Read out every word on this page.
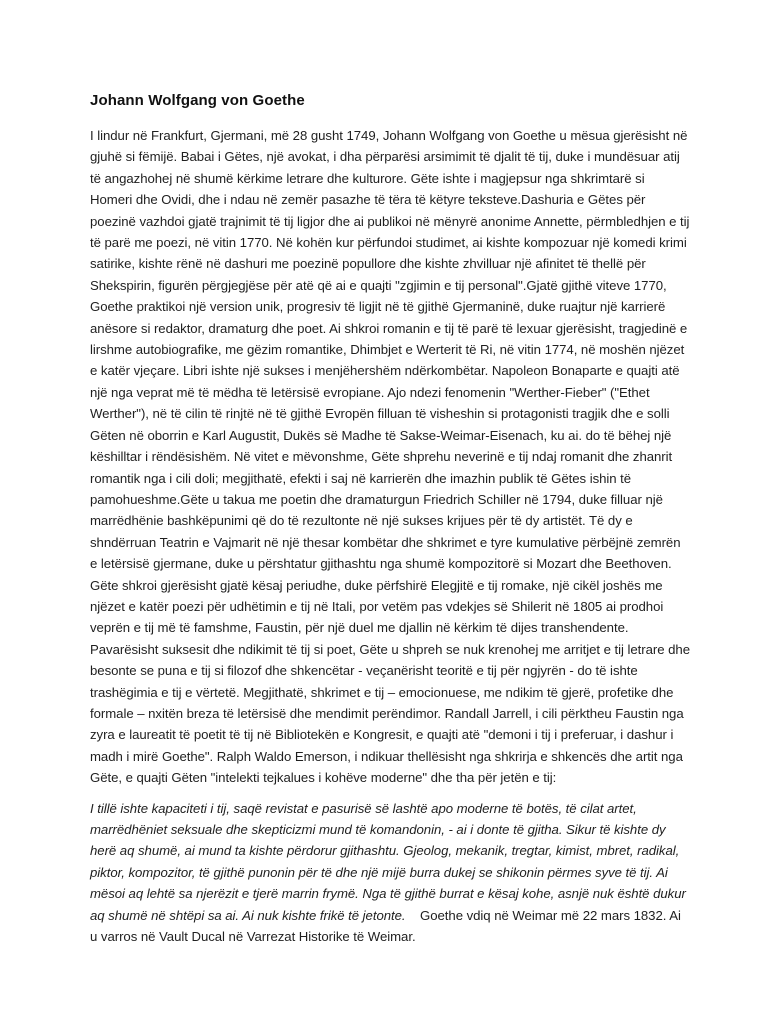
Johann Wolfgang von Goethe

I lindur në Frankfurt, Gjermani, më 28 gusht 1749, Johann Wolfgang von Goethe u mësua gjerësisht në gjuhë si fëmijë. Babai i Gëtes, një avokat, i dha përparësi arsimimit të djalit të tij, duke i mundësuar atij të angazhohej në shumë kërkime letrare dhe kulturore. Gëte ishte i magjepsur nga shkrimtarë si Homeri dhe Ovidi, dhe i ndau në zemër pasazhe të tëra të këtyre teksteve.Dashuria e Gëtes për poezinë vazhdoi gjatë trajnimit të tij ligjor dhe ai publikoi në mënyrë anonime Annette, përmbledhjen e tij të parë me poezi, në vitin 1770. Në kohën kur përfundoi studimet, ai kishte kompozuar një komedi krimi satirike, kishte rënë në dashuri me poezinë popullore dhe kishte zhvilluar një afinitet të thellë për Shekspirin, figurën përgjegjëse për atë që ai e quajti "zgjimin e tij personal".Gjatë gjithë viteve 1770, Goethe praktikoi një version unik, progresiv të ligjit në të gjithë Gjermaninë, duke ruajtur një karrierë anësore si redaktor, dramaturg dhe poet. Ai shkroi romanin e tij të parë të lexuar gjerësisht, tragjedinë e lirshme autobiografike, me gëzim romantike, Dhimbjet e Werterit të Ri, në vitin 1774, në moshën njëzet e katër vjeçare. Libri ishte një sukses i menjëhershëm ndërkombëtar. Napoleon Bonaparte e quajti atë një nga veprat më të mëdha të letërsisë evropiane. Ajo ndezi fenomenin "Werther-Fieber" ("Ethet Werther"), në të cilin të rinjtë në të gjithë Evropën filluan të visheshin si protagonisti tragjik dhe e solli Gëten në oborrin e Karl Augustit, Dukës së Madhe të Sakse-Weimar-Eisenach, ku ai. do të bëhej një këshilltar i rëndësishëm. Në vitet e mëvonshme, Gëte shprehu neverinë e tij ndaj romanit dhe zhanrit romantik nga i cili doli; megjithatë, efekti i saj në karrierën dhe imazhin publik të Gëtes ishin të pamohueshme.Gëte u takua me poetin dhe dramaturgun Friedrich Schiller në 1794, duke filluar një marrëdhënie bashkëpunimi që do të rezultonte në një sukses krijues për të dy artistët. Të dy e shndërruan Teatrin e Vajmarit në një thesar kombëtar dhe shkrimet e tyre kumulative përbëjnë zemrën e letërsisë gjermane, duke u përshtatur gjithashtu nga shumë kompozitorë si Mozart dhe Beethoven. Gëte shkroi gjerësisht gjatë kësaj periudhe, duke përfshirë Elegjitë e tij romake, një cikël joshës me njëzet e katër poezi për udhëtimin e tij në Itali, por vetëm pas vdekjes së Shilerit në 1805 ai prodhoi veprën e tij më të famshme, Faustin, për një duel me djallin në kërkim të dijes transhendente. Pavarësisht suksesit dhe ndikimit të tij si poet, Gëte u shpreh se nuk krenohej me arritjet e tij letrare dhe besonte se puna e tij si filozof dhe shkencëtar - veçanërisht teoritë e tij për ngjyrën - do të ishte trashëgimia e tij e vërtetë. Megjithatë, shkrimet e tij – emocionuese, me ndikim të gjerë, profetike dhe formale – nxitën breza të letërsisë dhe mendimit perëndimor. Randall Jarrell, i cili përktheu Faustin nga zyra e laureatit të poetit të tij në Bibliotekën e Kongresit, e quajti atë "demoni i tij i preferuar, i dashur i madh i mirë Goethe". Ralph Waldo Emerson, i ndikuar thellësisht nga shkrirja e shkencës dhe artit nga Gëte, e quajti Gëten "intelekti tejkalues i kohëve moderne" dhe tha për jetën e tij:

I tillë ishte kapaciteti i tij, saqë revistat e pasurisë së lashtë apo moderne të botës, të cilat artet, marrëdhëniet seksuale dhe skepticizmi mund të komandonin, - ai i donte të gjitha. Sikur të kishte dy herë aq shumë, ai mund ta kishte përdorur gjithashtu. Gjeolog, mekanik, tregtar, kimist, mbret, radikal, piktor, kompozitor, të gjithë punonin për të dhe një mijë burra dukej se shikonin përmes syve të tij. Ai mësoi aq lehtë sa njerëzit e tjerë marrin frymë. Nga të gjithë burrat e kësaj kohe, asnjë nuk është dukur aq shumë në shtëpi sa ai. Ai nuk kishte frikë të jetonte. Goethe vdiq në Weimar më 22 mars 1832. Ai u varros në Vault Ducal në Varrezat Historike të Weimar.
